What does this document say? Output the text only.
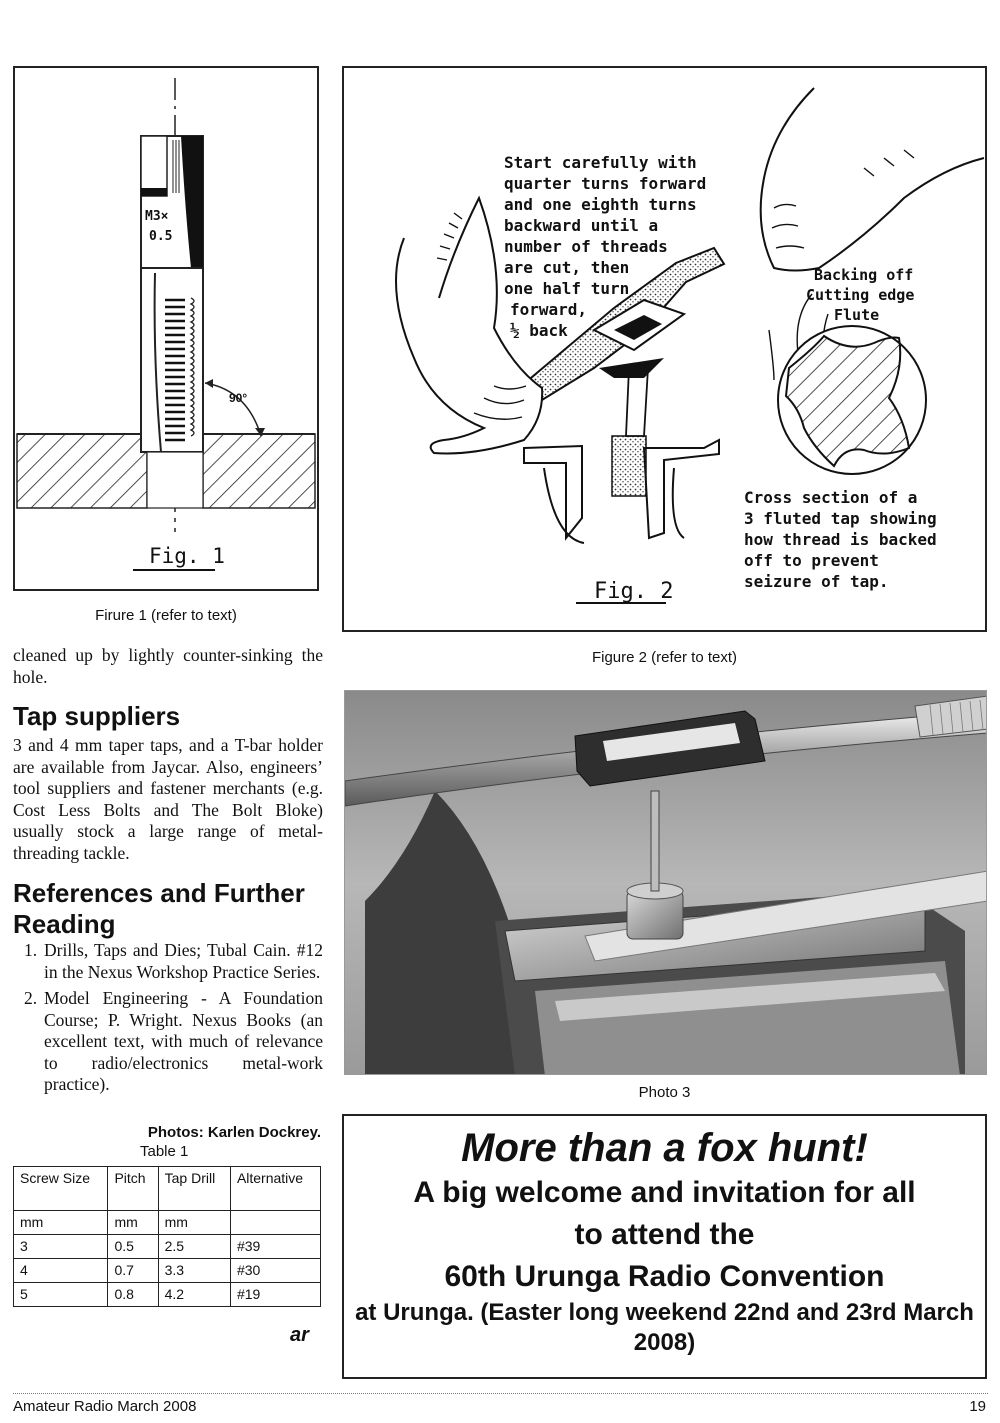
90°
M3×
0.5
Fig. 1
Firure 1 (refer to text)
Start carefully with quarter turns forward and one eighth turns backward until a number of threads are cut, then one half turn forward, ½ back
Backing off Cutting edge Flute
Cross section of a 3 fluted tap showing how thread is backed off to prevent seizure of tap.
Fig. 2
Figure 2 (refer to text)
cleaned up by lightly counter-sinking the hole.
Tap suppliers
3 and 4 mm taper taps, and a T-bar holder are available from Jaycar. Also, engineers’ tool suppliers and fastener merchants (e.g. Cost Less Bolts and The Bolt Bloke) usually stock a large range of metal-threading tackle.
References and Further Reading
1. Drills, Taps and Dies; Tubal Cain. #12 in the Nexus Workshop Practice Series.
2. Model Engineering - A Foundation Course; P. Wright. Nexus Books (an excellent text, with much of relevance to radio/electronics metal-work practice).
Photos: Karlen Dockrey.
Table 1
Screw Size	Pitch	Tap Drill	Alternative
mm	mm	mm	
3	0.5	2.5	#39
4	0.7	3.3	#30
5	0.8	4.2	#19
ar
Photo 3
More than a fox hunt!
A big welcome and invitation for all
to attend the
60th Urunga Radio Convention
at Urunga. (Easter long weekend 22nd and 23rd March 2008)
Amateur Radio March 2008	19
